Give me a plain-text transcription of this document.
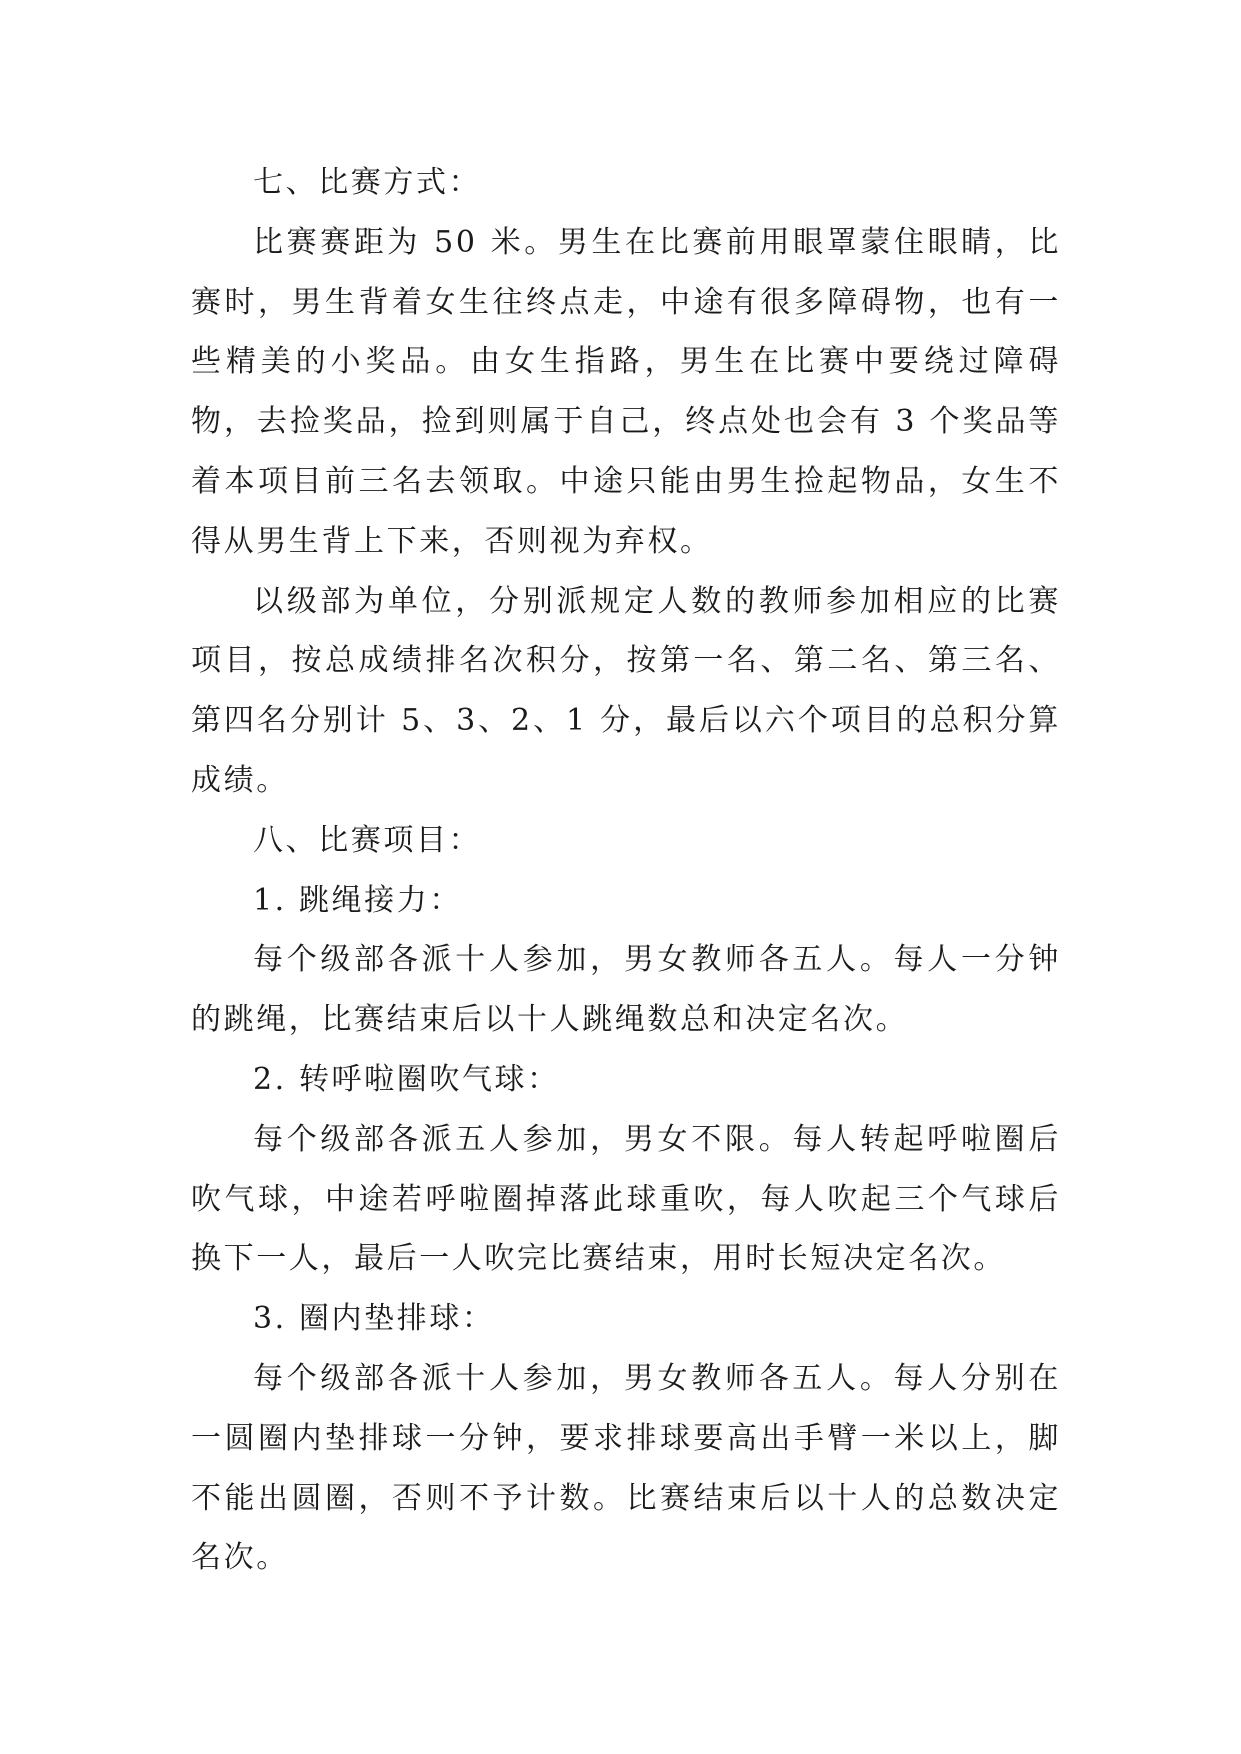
七、比赛方式：

比赛赛距为 50 米。男生在比赛前用眼罩蒙住眼睛，比赛时，男生背着女生往终点走，中途有很多障碍物，也有一些精美的小奖品。由女生指路，男生在比赛中要绕过障碍物，去捡奖品，捡到则属于自己，终点处也会有 3 个奖品等着本项目前三名去领取。中途只能由男生捡起物品，女生不得从男生背上下来，否则视为弃权。

以级部为单位，分别派规定人数的教师参加相应的比赛项目，按总成绩排名次积分，按第一名、第二名、第三名、第四名分别计 5、3、2、1 分，最后以六个项目的总积分算成绩。

八、比赛项目：

1. 跳绳接力：

每个级部各派十人参加，男女教师各五人。每人一分钟的跳绳，比赛结束后以十人跳绳数总和决定名次。

2. 转呼啦圈吹气球：

每个级部各派五人参加，男女不限。每人转起呼啦圈后吹气球，中途若呼啦圈掉落此球重吹，每人吹起三个气球后换下一人，最后一人吹完比赛结束，用时长短决定名次。

3. 圈内垫排球：

每个级部各派十人参加，男女教师各五人。每人分别在一圆圈内垫排球一分钟，要求排球要高出手臂一米以上，脚不能出圆圈，否则不予计数。比赛结束后以十人的总数决定名次。
